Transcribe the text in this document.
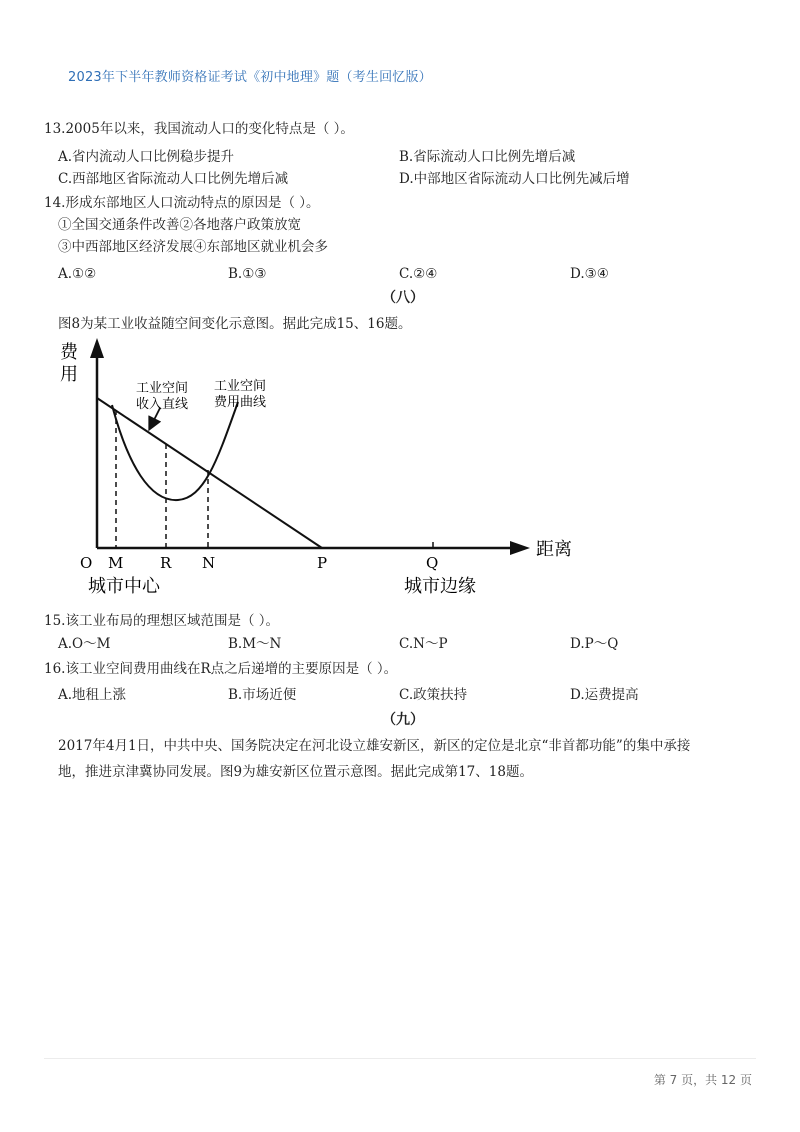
2023年下半年教师资格证考试《初中地理》题（考生回忆版）
13.2005年以来，我国流动人口的变化特点是（ ）。
A.省内流动人口比例稳步提升	B.省际流动人口比例先增后减
C.西部地区省际流动人口比例先增后减	D.中部地区省际流动人口比例先减后增
14.形成东部地区人口流动特点的原因是（ ）。
①全国交通条件改善②各地落户政策放宽
③中西部地区经济发展④东部地区就业机会多
A.①②	B.①③	C.②④	D.③④
（八）
图8为某工业收益随空间变化示意图。据此完成15、16题。
费
用
工业空间
收入直线
工业空间
费用曲线
O M R N	P	Q
距离
城市中心	城市边缘
15.该工业布局的理想区域范围是（ ）。
A.O～M	B.M～N	C.N～P	D.P～Q
16.该工业空间费用曲线在R点之后递增的主要原因是（ ）。
A.地租上涨	B.市场近便	C.政策扶持	D.运费提高
（九）
2017年4月1日，中共中央、国务院决定在河北设立雄安新区，新区的定位是北京“非首都功能”的集中承接
地，推进京津冀协同发展。图9为雄安新区位置示意图。据此完成第17、18题。
第 7 页，共 12 页
